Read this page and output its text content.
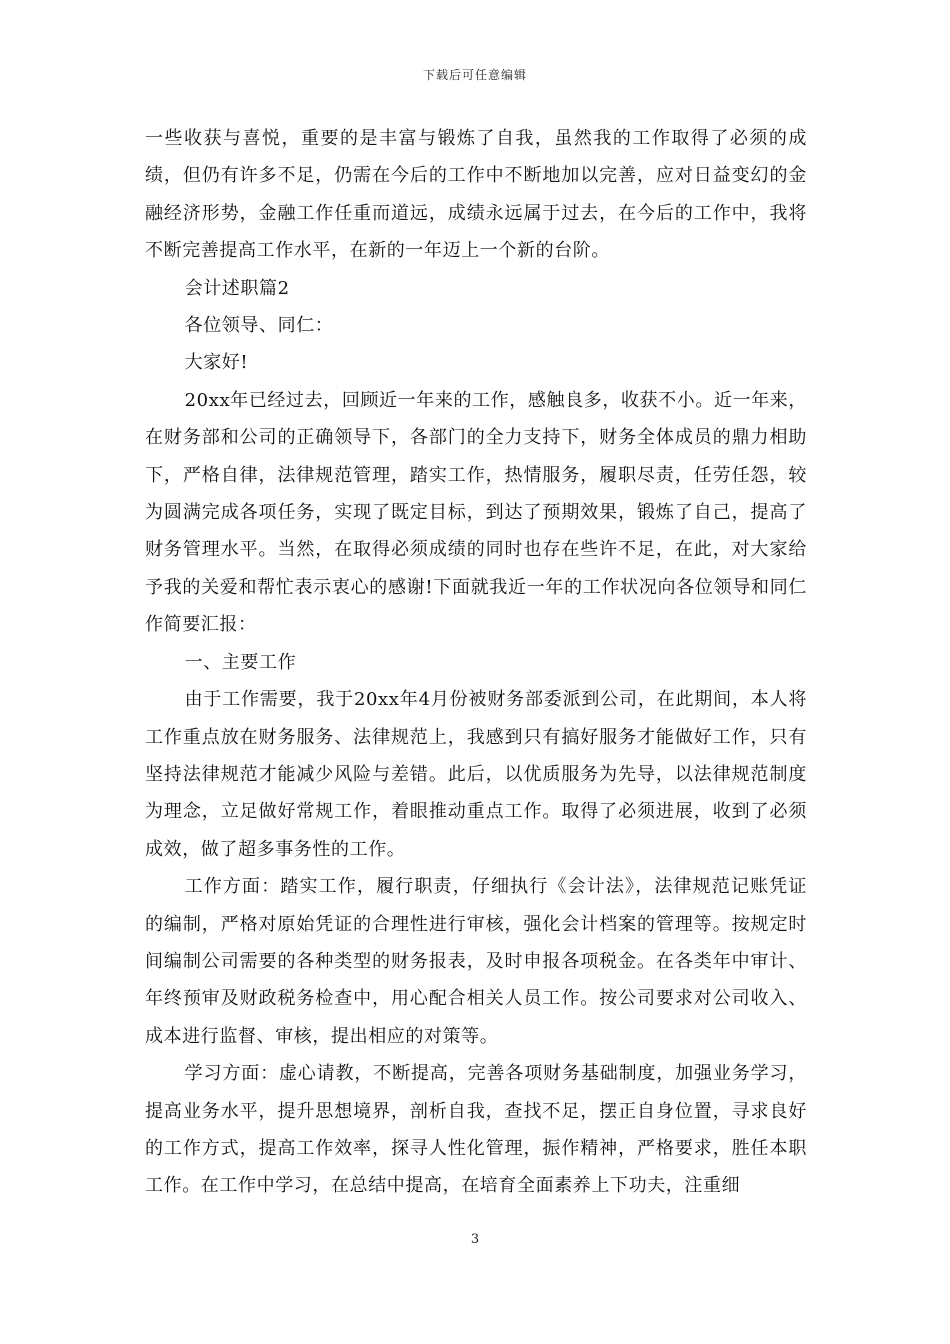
下载后可任意编辑

一些收获与喜悦，重要的是丰富与锻炼了自我，虽然我的工作取得了必须的成绩，但仍有许多不足，仍需在今后的工作中不断地加以完善，应对日益变幻的金融经济形势，金融工作任重而道远，成绩永远属于过去，在今后的工作中，我将不断完善提高工作水平，在新的一年迈上一个新的台阶。

会计述职篇2

各位领导、同仁：

大家好!

20xx年已经过去，回顾近一年来的工作，感触良多，收获不小。近一年来，在财务部和公司的正确领导下，各部门的全力支持下，财务全体成员的鼎力相助下，严格自律，法律规范管理，踏实工作，热情服务，履职尽责，任劳任怨，较为圆满完成各项任务，实现了既定目标，到达了预期效果，锻炼了自己，提高了财务管理水平。当然，在取得必须成绩的同时也存在些许不足，在此，对大家给予我的关爱和帮忙表示衷心的感谢!下面就我近一年的工作状况向各位领导和同仁作简要汇报：

一、主要工作

由于工作需要，我于20xx年4月份被财务部委派到公司，在此期间，本人将工作重点放在财务服务、法律规范上，我感到只有搞好服务才能做好工作，只有坚持法律规范才能减少风险与差错。此后，以优质服务为先导，以法律规范制度为理念，立足做好常规工作，着眼推动重点工作。取得了必须进展，收到了必须成效，做了超多事务性的工作。

工作方面：踏实工作，履行职责，仔细执行《会计法》，法律规范记账凭证的编制，严格对原始凭证的合理性进行审核，强化会计档案的管理等。按规定时间编制公司需要的各种类型的财务报表，及时申报各项税金。在各类年中审计、年终预审及财政税务检查中，用心配合相关人员工作。按公司要求对公司收入、成本进行监督、审核，提出相应的对策等。

学习方面：虚心请教，不断提高，完善各项财务基础制度，加强业务学习，提高业务水平，提升思想境界，剖析自我，查找不足，摆正自身位置，寻求良好的工作方式，提高工作效率，探寻人性化管理，振作精神，严格要求，胜任本职工作。在工作中学习，在总结中提高，在培育全面素养上下功夫，注重细

3
